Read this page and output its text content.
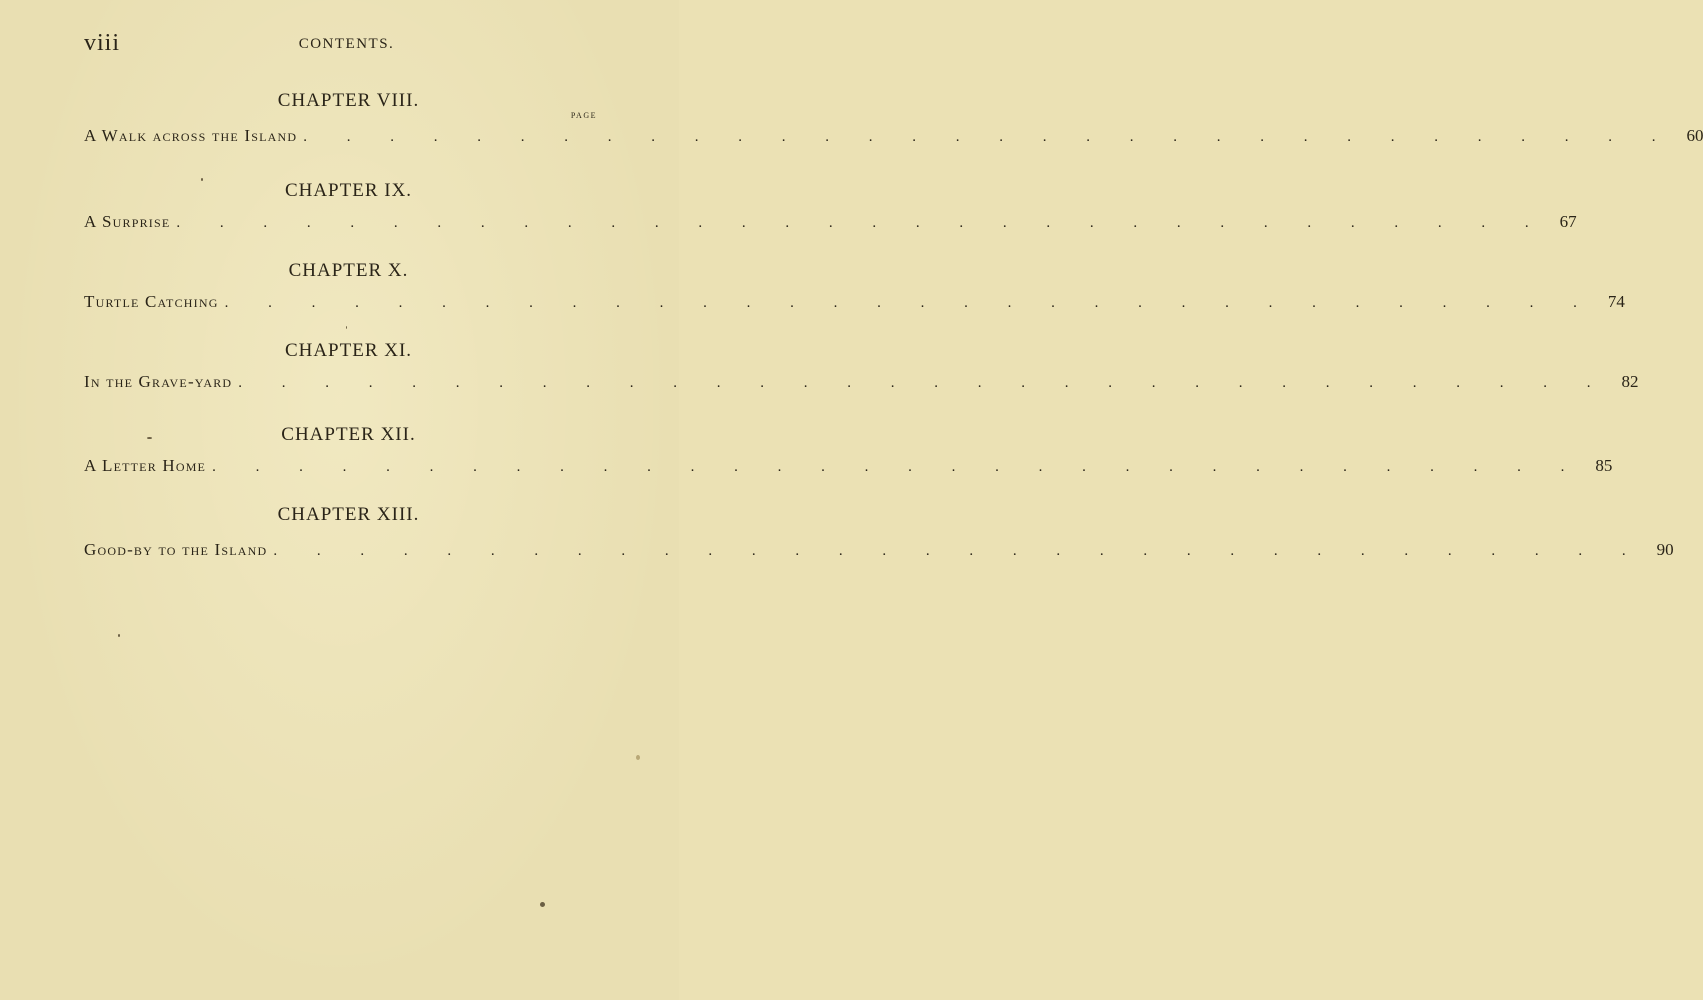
viii	CONTENTS.
PAGE
CHAPTER VIII.
A Walk across the Island . . . . . . . . . . . . . . . . . . . . . . . . . . . . . . . . 60
CHAPTER IX.
A Surprise . . . . . . . . . . . . . . . . . . . . . . . . . . . . . . . . 67
CHAPTER X.
Turtle Catching . . . . . . . . . . . . . . . . . . . . . . . . . . . . . . . . 74
CHAPTER XI.
In the Grave-yard . . . . . . . . . . . . . . . . . . . . . . . . . . . . . . . . 82
CHAPTER XII.
A Letter Home . . . . . . . . . . . . . . . . . . . . . . . . . . . . . . . . 85
CHAPTER XIII.
Good-by to the Island . . . . . . . . . . . . . . . . . . . . . . . . . . . . . . . . 90
